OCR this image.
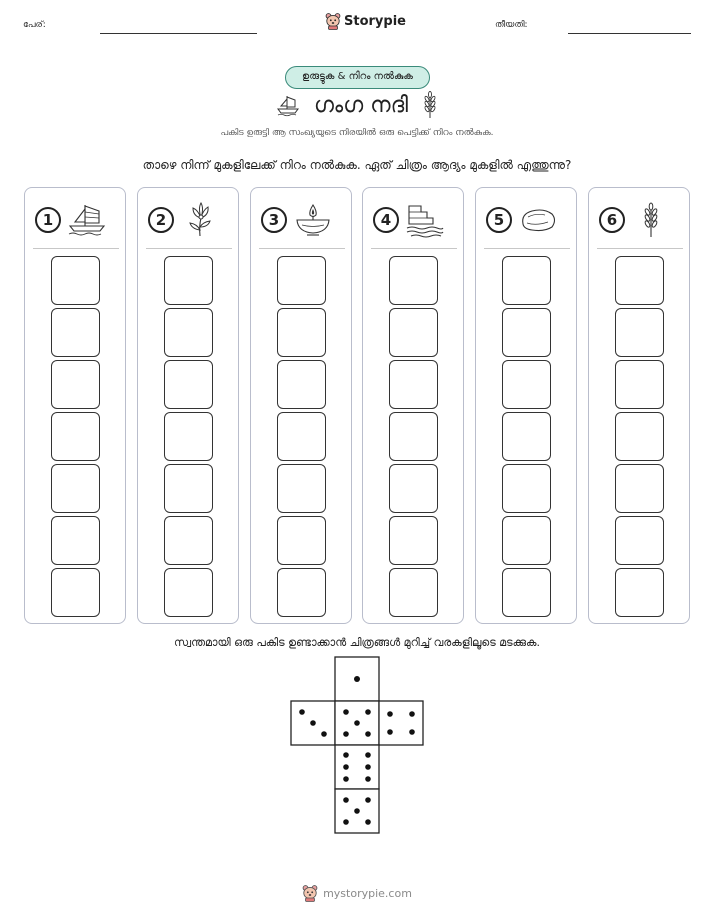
പേര്:	Storypie	തീയതി:
ഉരുട്ടുക & നിറം നൽകുക
ഗംഗ നദി
പകിട ഉരുട്ടി ആ സംഖ്യയുടെ നിരയിൽ ഒരു പെട്ടിക്ക് നിറം നൽകുക.
താഴെ നിന്ന് മുകളിലേക്ക് നിറം നൽകുക. ഏത് ചിത്രം ആദ്യം മുകളിൽ എത്തുന്നു?
1	2	3	4	5	6
സ്വന്തമായി ഒരു പകിട ഉണ്ടാക്കാൻ ചിത്രങ്ങൾ മുറിച്ച് വരകളിലൂടെ മടക്കുക.
mystorypie.com
